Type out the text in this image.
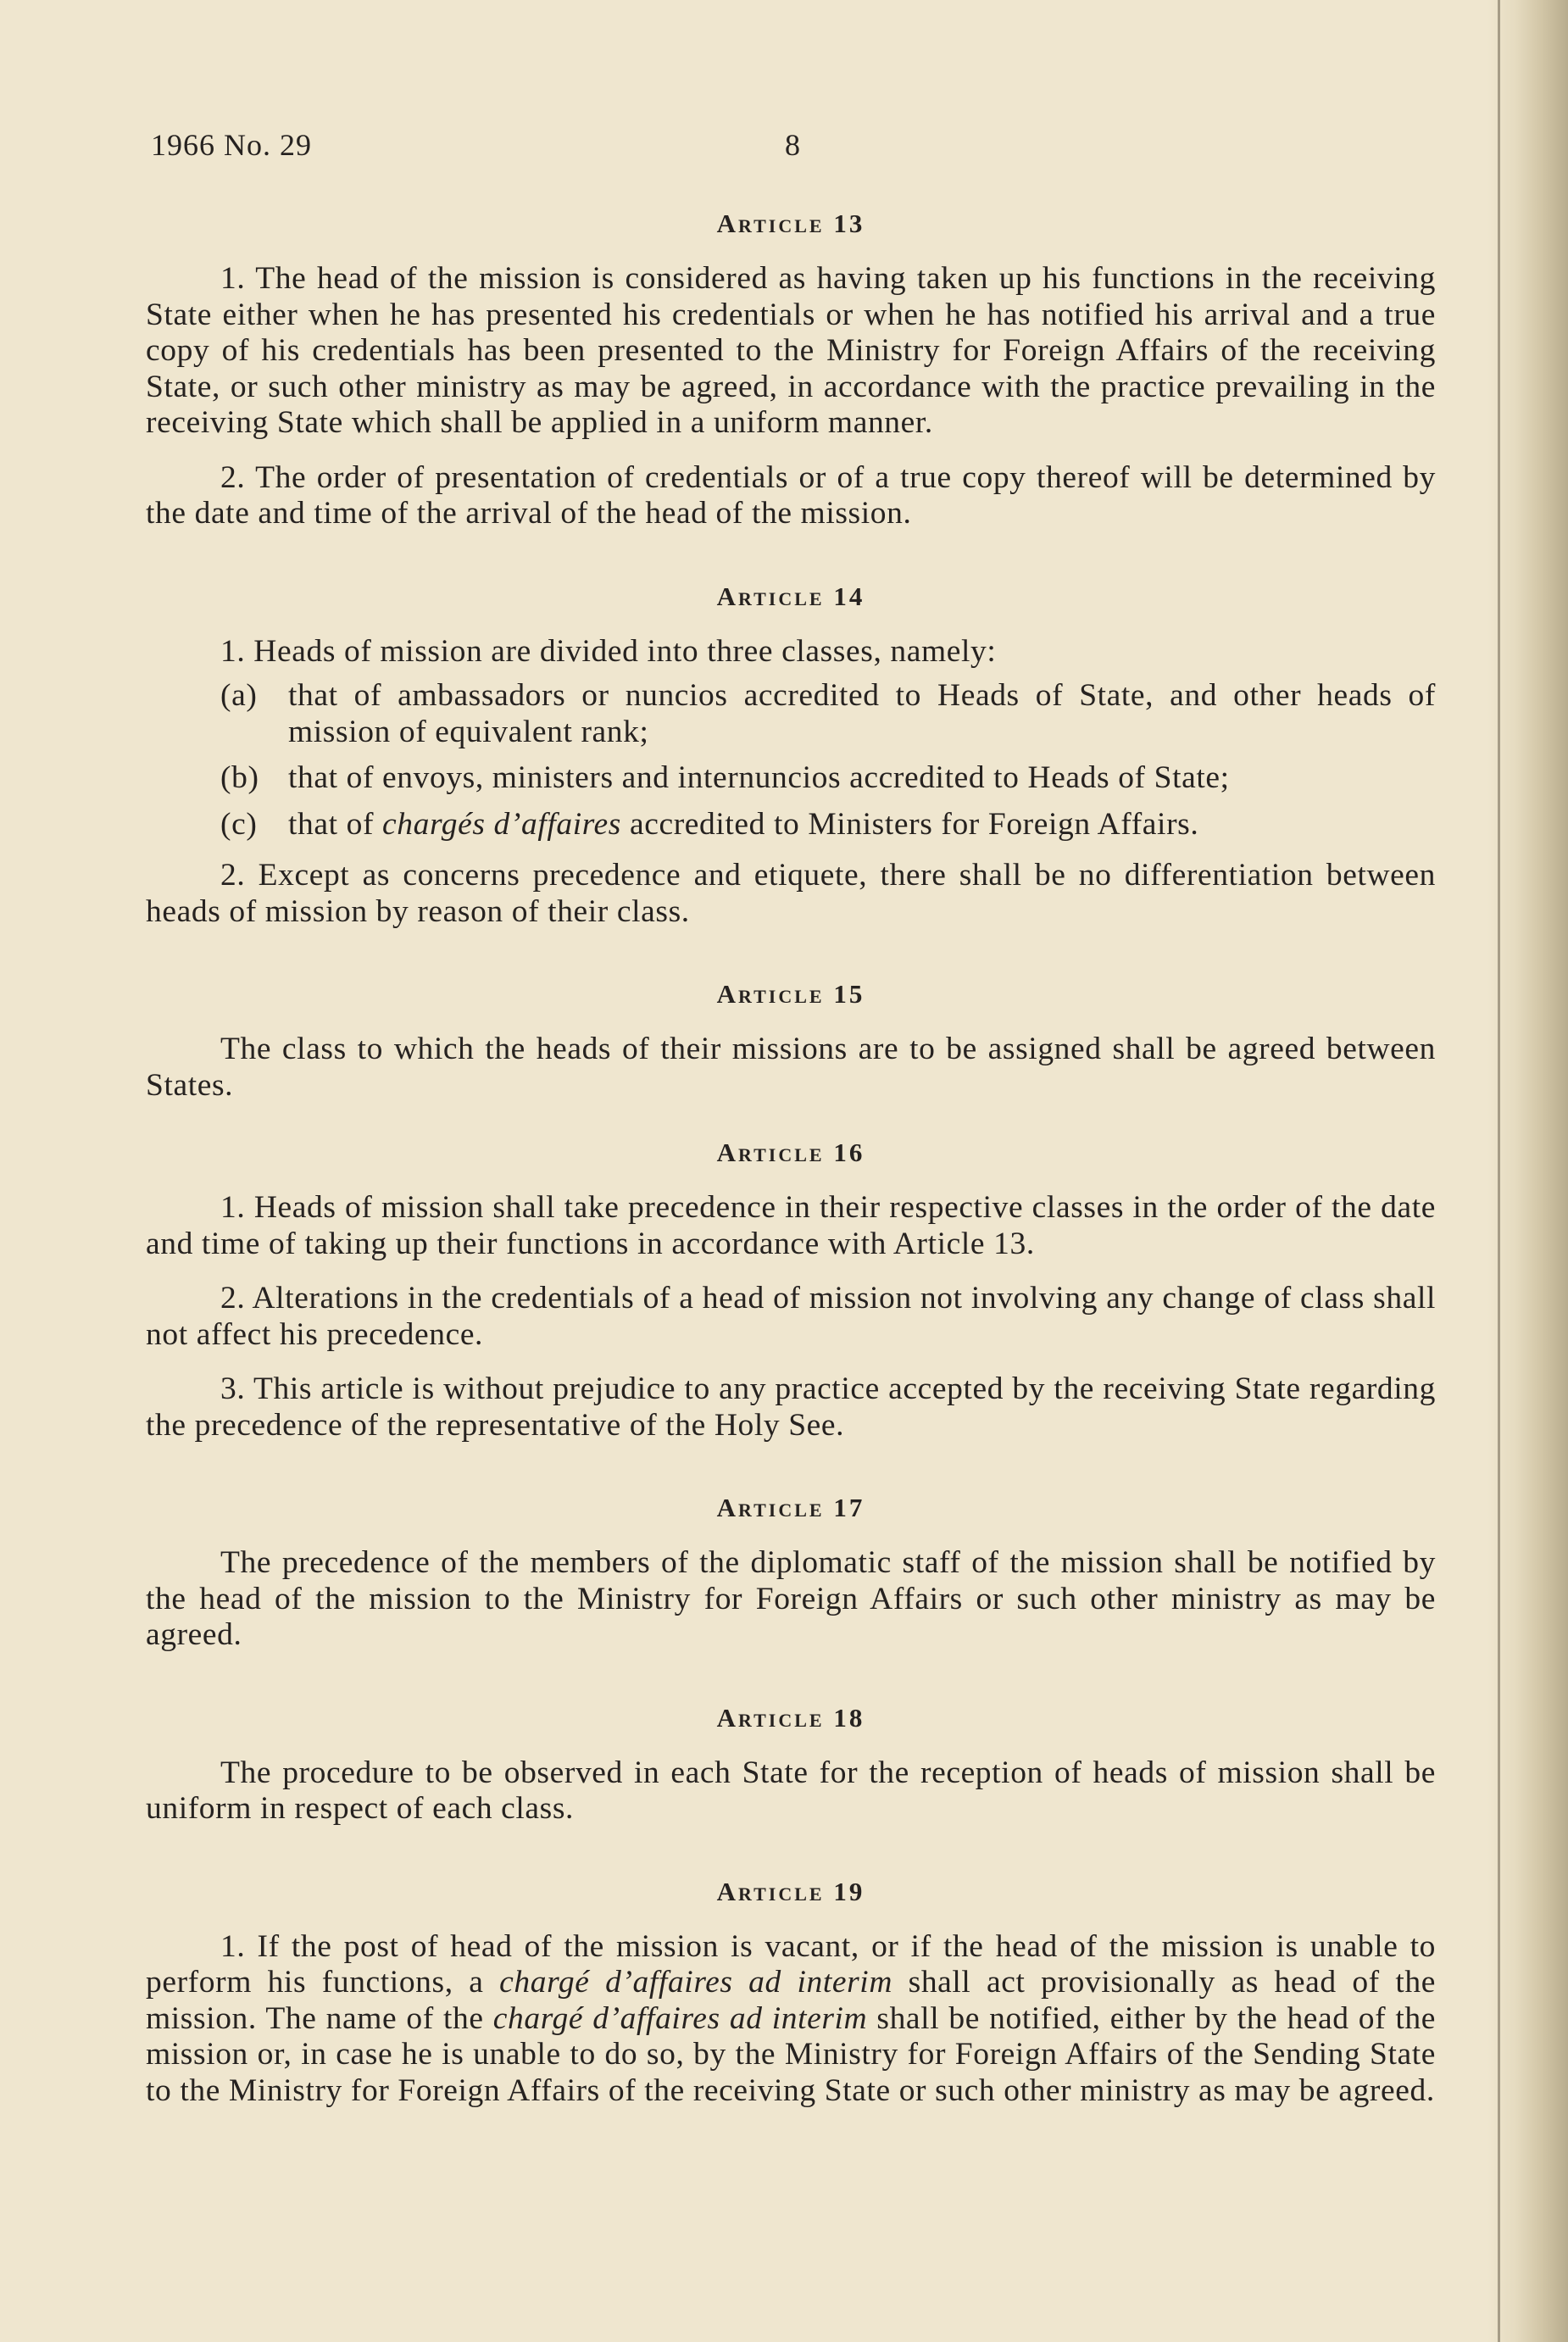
1966 No. 29	8
Article 13

1. The head of the mission is considered as having taken up his functions in the receiving State either when he has presented his credentials or when he has notified his arrival and a true copy of his credentials has been presented to the Ministry for Foreign Affairs of the receiving State, or such other ministry as may be agreed, in accordance with the practice prevailing in the receiving State which shall be applied in a uniform manner.

2. The order of presentation of credentials or of a true copy thereof will be determined by the date and time of the arrival of the head of the mission.

Article 14

1. Heads of mission are divided into three classes, namely:

(a) that of ambassadors or nuncios accredited to Heads of State, and other heads of mission of equivalent rank;
(b) that of envoys, ministers and internuncios accredited to Heads of State;
(c) that of chargés d’affaires accredited to Ministers for Foreign Affairs.

2. Except as concerns precedence and etiquete, there shall be no differentiation between heads of mission by reason of their class.

Article 15

The class to which the heads of their missions are to be assigned shall be agreed between States.

Article 16

1. Heads of mission shall take precedence in their respective classes in the order of the date and time of taking up their functions in accordance with Article 13.

2. Alterations in the credentials of a head of mission not involving any change of class shall not affect his precedence.

3. This article is without prejudice to any practice accepted by the receiving State regarding the precedence of the representative of the Holy See.

Article 17

The precedence of the members of the diplomatic staff of the mission shall be notified by the head of the mission to the Ministry for Foreign Affairs or such other ministry as may be agreed.

Article 18

The procedure to be observed in each State for the reception of heads of mission shall be uniform in respect of each class.

Article 19

1. If the post of head of the mission is vacant, or if the head of the mission is unable to perform his functions, a chargé d’affaires ad interim shall act provisionally as head of the mission. The name of the chargé d’affaires ad interim shall be notified, either by the head of the mission or, in case he is unable to do so, by the Ministry for Foreign Affairs of the Sending State to the Ministry for Foreign Affairs of the receiving State or such other ministry as may be agreed.
